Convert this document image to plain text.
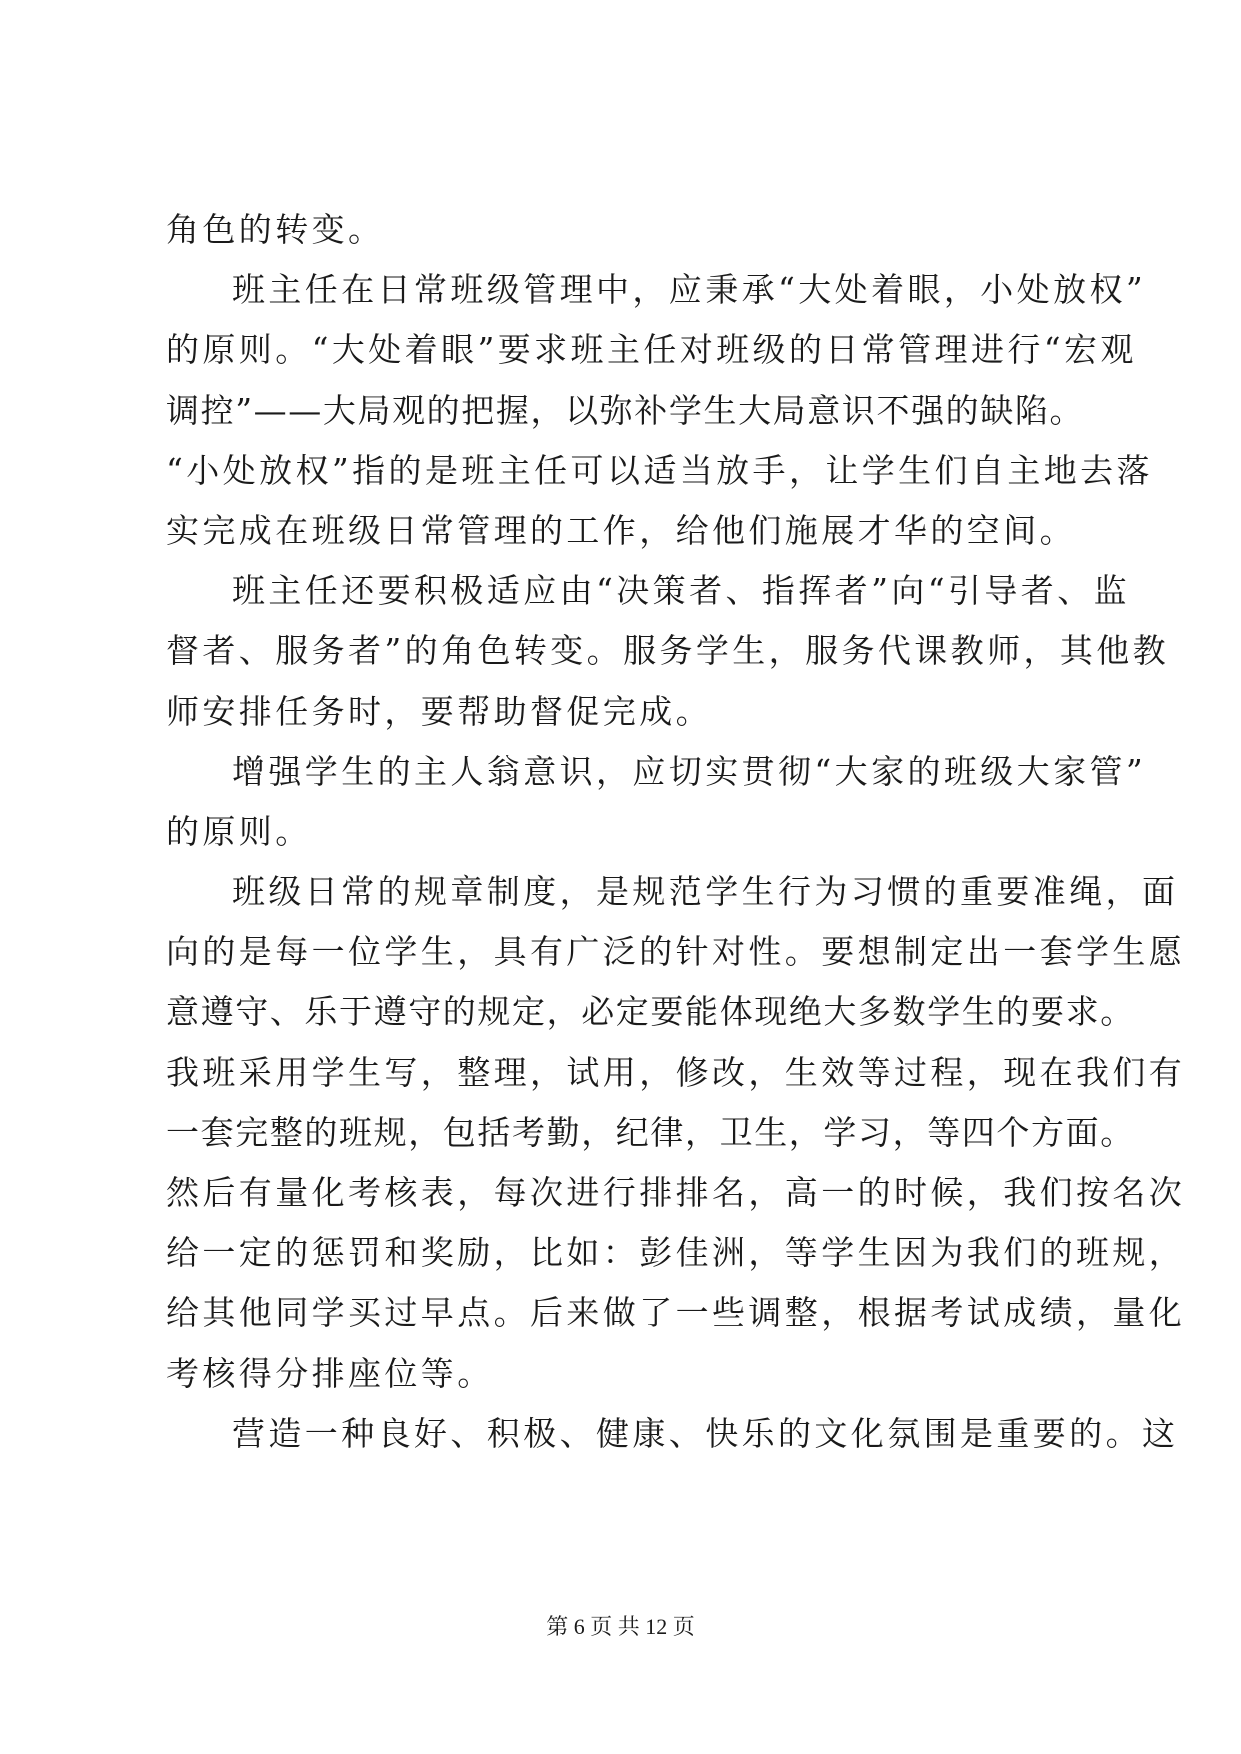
角色的转变。
班主任在日常班级管理中，应秉承“大处着眼，小处放权”
的原则。“大处着眼”要求班主任对班级的日常管理进行“宏观
调控”——大局观的把握，以弥补学生大局意识不强的缺陷。
“小处放权”指的是班主任可以适当放手，让学生们自主地去落
实完成在班级日常管理的工作，给他们施展才华的空间。
班主任还要积极适应由“决策者、指挥者”向“引导者、监
督者、服务者”的角色转变。服务学生，服务代课教师，其他教
师安排任务时，要帮助督促完成。
增强学生的主人翁意识，应切实贯彻“大家的班级大家管”
的原则。
班级日常的规章制度，是规范学生行为习惯的重要准绳，面
向的是每一位学生，具有广泛的针对性。要想制定出一套学生愿
意遵守、乐于遵守的规定，必定要能体现绝大多数学生的要求。
我班采用学生写，整理，试用，修改，生效等过程，现在我们有
一套完整的班规，包括考勤，纪律，卫生，学习，等四个方面。
然后有量化考核表，每次进行排排名，高一的时候，我们按名次
给一定的惩罚和奖励，比如：彭佳洲，等学生因为我们的班规，
给其他同学买过早点。后来做了一些调整，根据考试成绩，量化
考核得分排座位等。
营造一种良好、积极、健康、快乐的文化氛围是重要的。这
第 6 页 共 12 页
